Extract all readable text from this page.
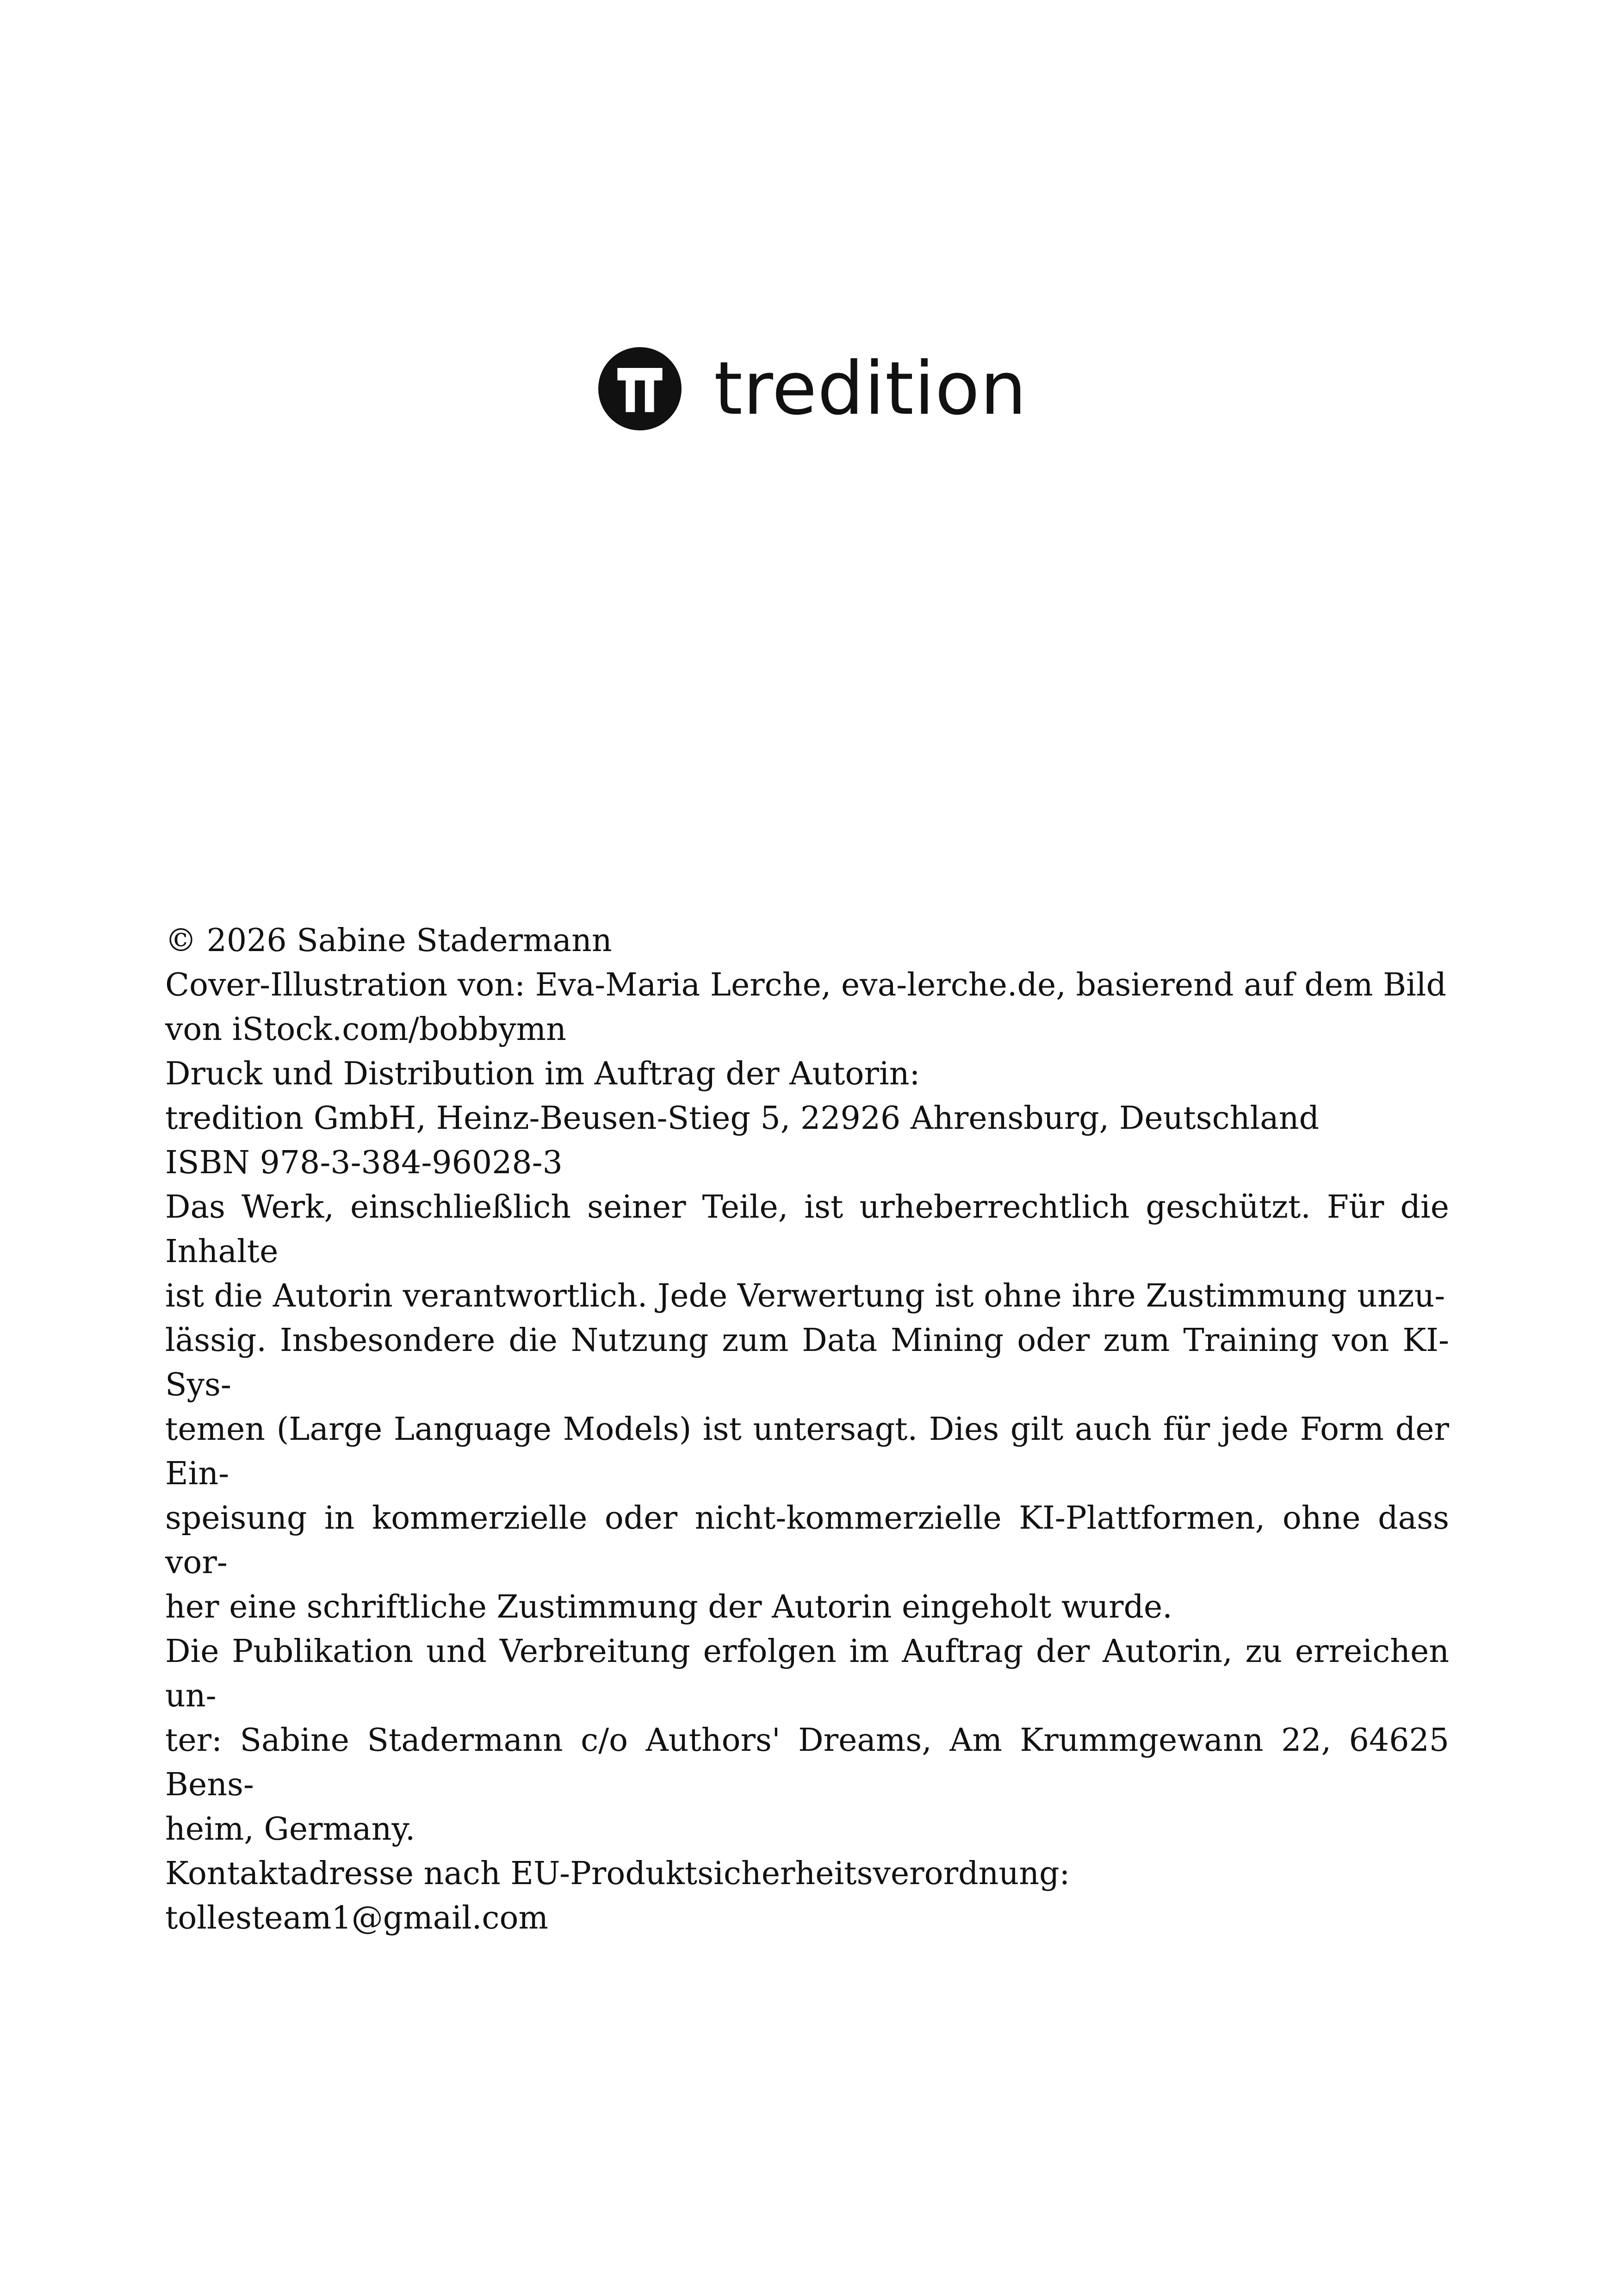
tredition

© 2026 Sabine Stadermann

Cover-Illustration von: Eva-Maria Lerche, eva-lerche.de, basierend auf dem Bild
von iStock.com/bobbymn

Druck und Distribution im Auftrag der Autorin:

tredition GmbH, Heinz-Beusen-Stieg 5, 22926 Ahrensburg, Deutschland

ISBN 978-3-384-96028-3

Das Werk, einschließlich seiner Teile, ist urheberrechtlich geschützt. Für die Inhalte
ist die Autorin verantwortlich. Jede Verwertung ist ohne ihre Zustimmung unzu-
lässig. Insbesondere die Nutzung zum Data Mining oder zum Training von KI-Sys-
temen (Large Language Models) ist untersagt. Dies gilt auch für jede Form der Ein-
speisung in kommerzielle oder nicht-kommerzielle KI-Plattformen, ohne dass vor-
her eine schriftliche Zustimmung der Autorin eingeholt wurde.

Die Publikation und Verbreitung erfolgen im Auftrag der Autorin, zu erreichen un-
ter: Sabine Stadermann c/o Authors' Dreams, Am Krummgewann 22, 64625 Bens-
heim, Germany.

Kontaktadresse nach EU-Produktsicherheitsverordnung:

tollesteam1@gmail.com
